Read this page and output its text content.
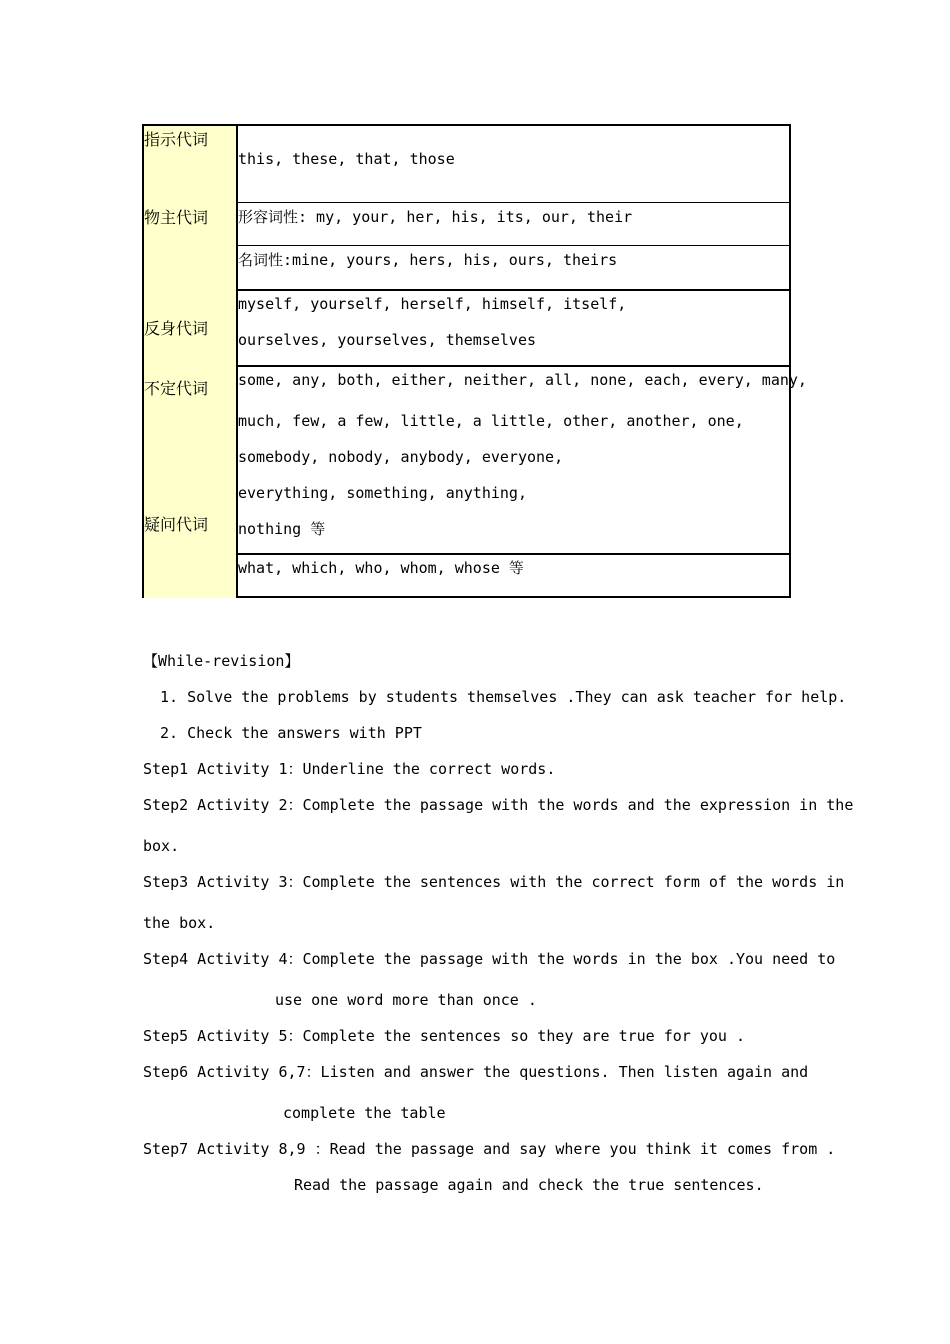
指示代词
物主代词
反身代词
不定代词
疑问代词
this, these, that, those
形容词性: my, your, her, his, its, our, their
名词性:mine, yours, hers, his, ours, theirs
myself, yourself, herself, himself, itself,
ourselves, yourselves, themselves
some, any, both, either, neither, all, none, each, every, many,
much, few, a few, little, a little, other, another, one,
somebody, nobody, anybody, everyone,
everything, something, anything,
nothing 等
what, which, who, whom, whose 等
【While-revision】
1. Solve the problems by students themselves .They can ask teacher for help.
2. Check the answers with PPT
Step1 Activity 1：Underline the correct words.
Step2 Activity 2：Complete the passage with the words and the expression in the
box.
Step3 Activity 3：Complete the sentences with the correct form of the words in
the box.
Step4 Activity 4：Complete the passage with the words in the box .You need to
use one word more than once .
Step5 Activity 5：Complete the sentences so they are true for you .
Step6 Activity 6,7：Listen and answer the questions. Then listen again and
complete the table
Step7 Activity 8,9 ：Read the passage and say where you think it comes from .
Read the passage again and check the true sentences.
